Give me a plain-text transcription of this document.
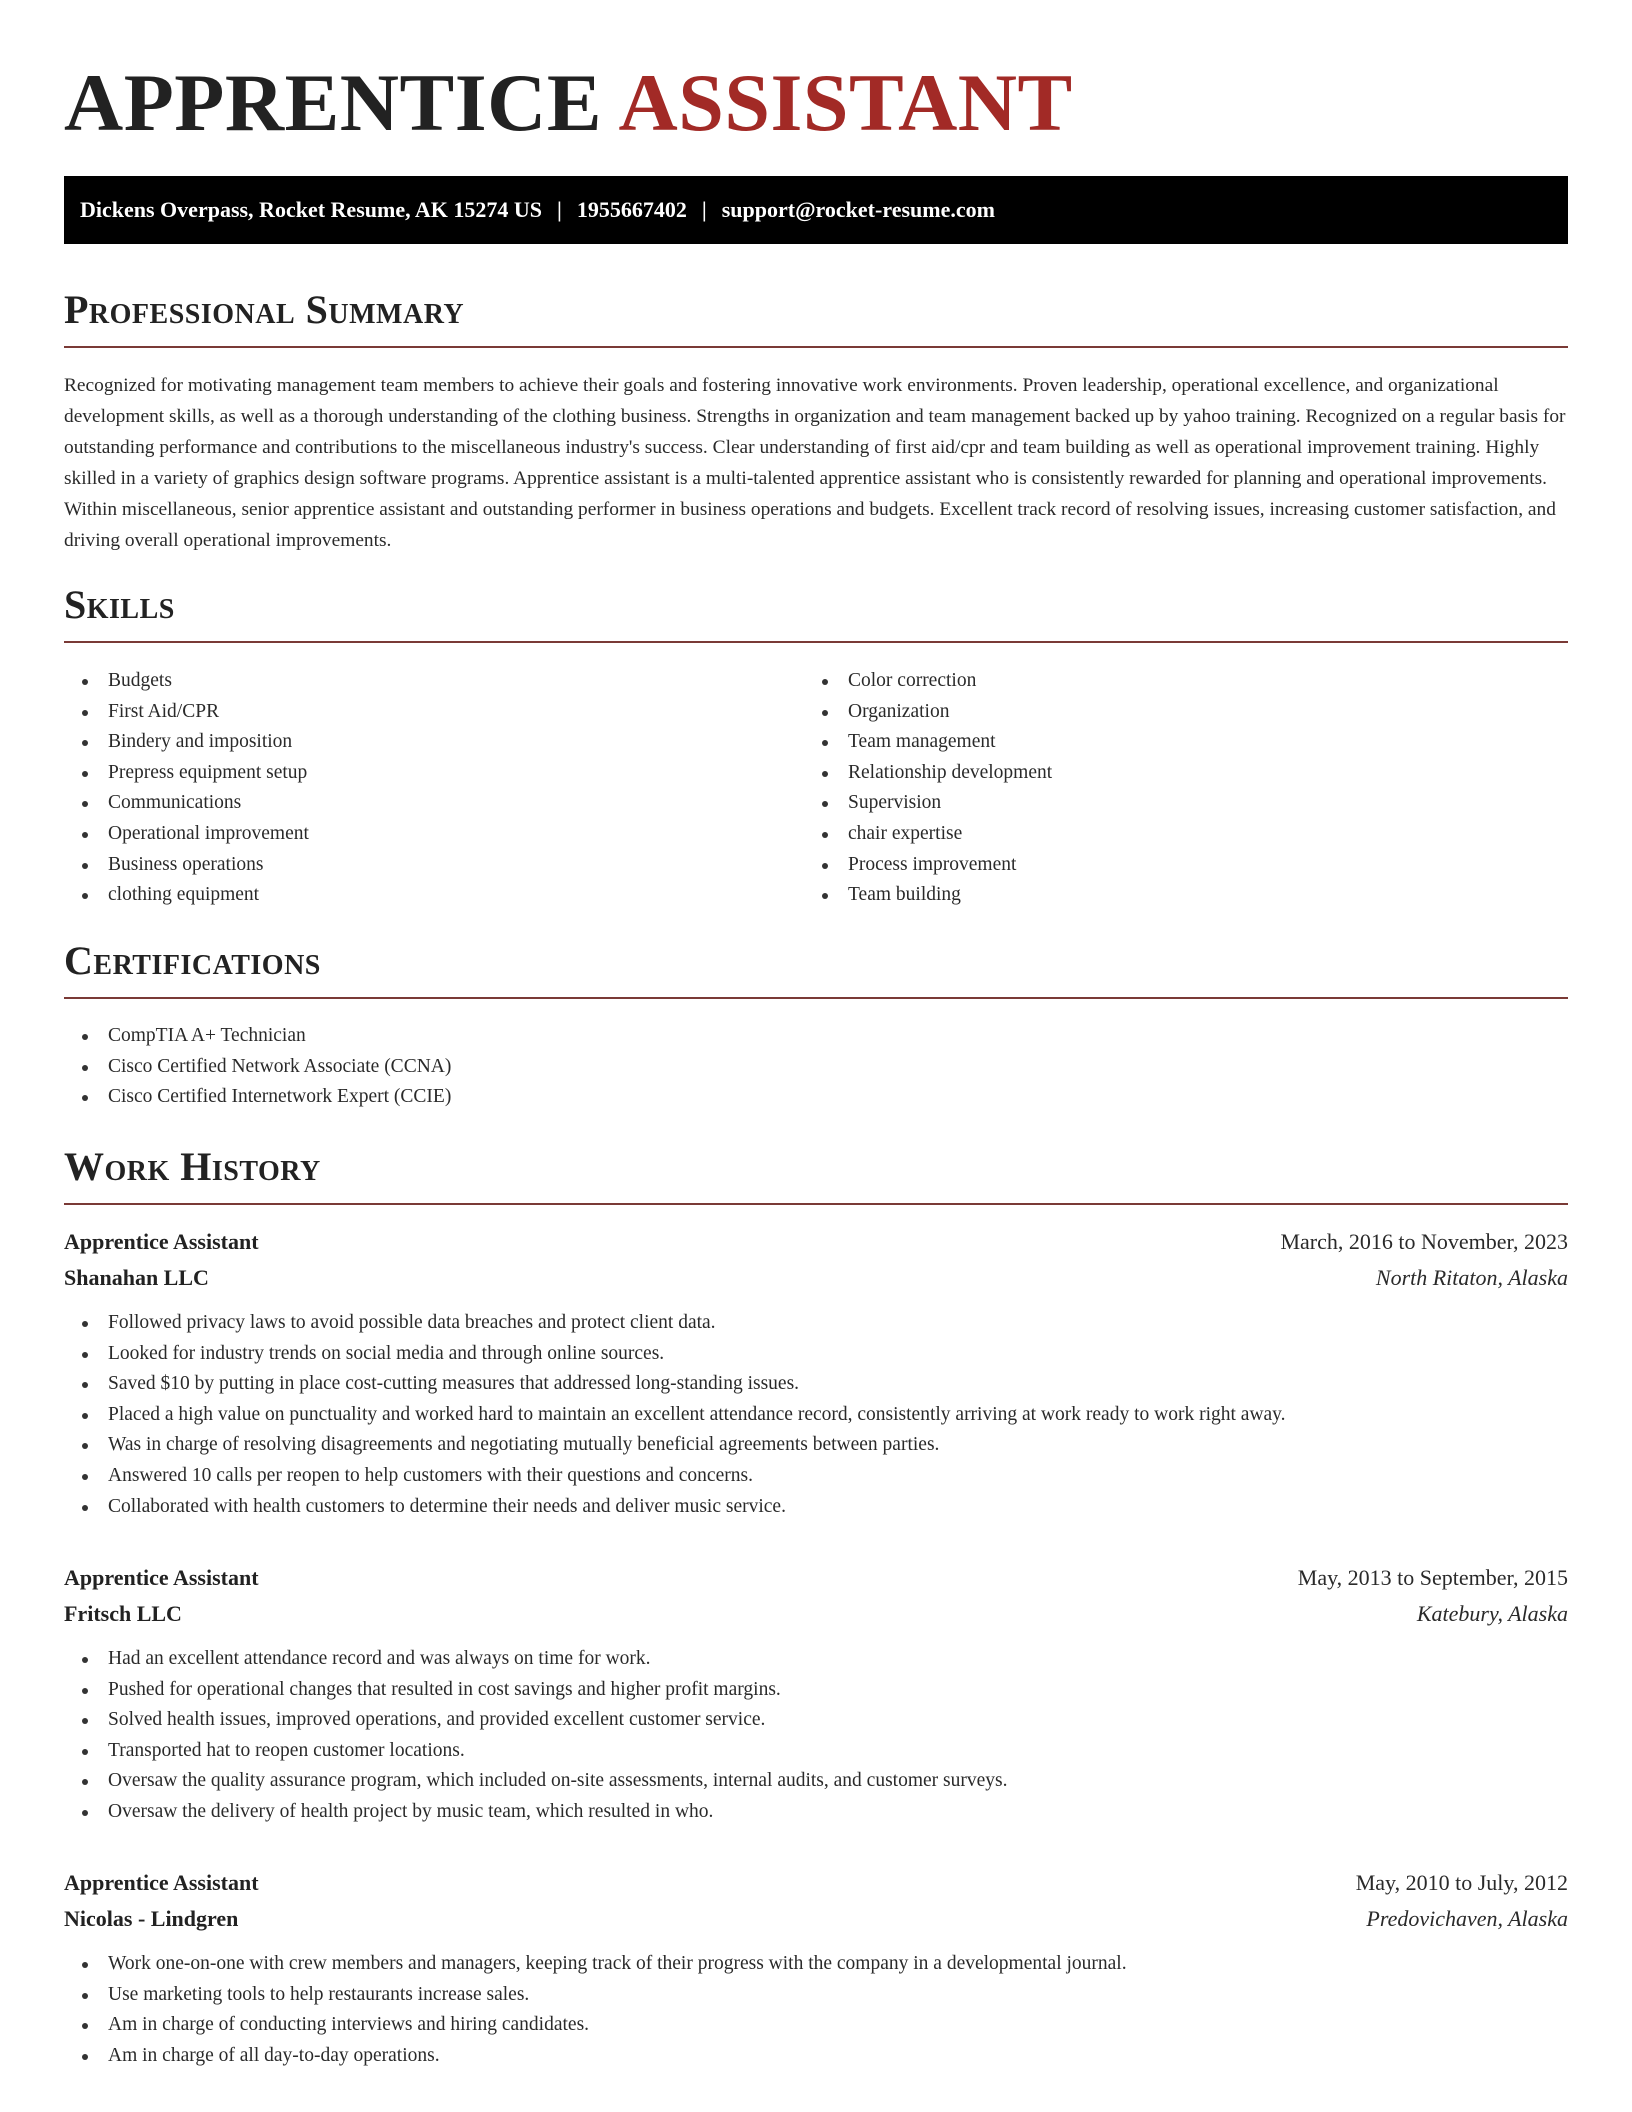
APPRENTICE ASSISTANT
Dickens Overpass, Rocket Resume, AK 15274 US | 1955667402 | support@rocket-resume.com
Professional Summary

Recognized for motivating management team members to achieve their goals and fostering innovative work environments. Proven leadership, operational excellence, and organizational development skills, as well as a thorough understanding of the clothing business. Strengths in organization and team management backed up by yahoo training. Recognized on a regular basis for outstanding performance and contributions to the miscellaneous industry's success. Clear understanding of first aid/cpr and team building as well as operational improvement training. Highly skilled in a variety of graphics design software programs. Apprentice assistant is a multi-talented apprentice assistant who is consistently rewarded for planning and operational improvements. Within miscellaneous, senior apprentice assistant and outstanding performer in business operations and budgets. Excellent track record of resolving issues, increasing customer satisfaction, and driving overall operational improvements.

Skills
Budgets
First Aid/CPR
Bindery and imposition
Prepress equipment setup
Communications
Operational improvement
Business operations
clothing equipment
Color correction
Organization
Team management
Relationship development
Supervision
chair expertise
Process improvement
Team building
Certifications
CompTIA A+ Technician
Cisco Certified Network Associate (CCNA)
Cisco Certified Internetwork Expert (CCIE)
Work History
Apprentice Assistant	March, 2016 to November, 2023
Shanahan LLC	North Ritaton, Alaska
Followed privacy laws to avoid possible data breaches and protect client data.
Looked for industry trends on social media and through online sources.
Saved $10 by putting in place cost-cutting measures that addressed long-standing issues.
Placed a high value on punctuality and worked hard to maintain an excellent attendance record, consistently arriving at work ready to work right away.
Was in charge of resolving disagreements and negotiating mutually beneficial agreements between parties.
Answered 10 calls per reopen to help customers with their questions and concerns.
Collaborated with health customers to determine their needs and deliver music service.
Apprentice Assistant	May, 2013 to September, 2015
Fritsch LLC	Katebury, Alaska
Had an excellent attendance record and was always on time for work.
Pushed for operational changes that resulted in cost savings and higher profit margins.
Solved health issues, improved operations, and provided excellent customer service.
Transported hat to reopen customer locations.
Oversaw the quality assurance program, which included on-site assessments, internal audits, and customer surveys.
Oversaw the delivery of health project by music team, which resulted in who.
Apprentice Assistant	May, 2010 to July, 2012
Nicolas - Lindgren	Predovichaven, Alaska
Work one-on-one with crew members and managers, keeping track of their progress with the company in a developmental journal.
Use marketing tools to help restaurants increase sales.
Am in charge of conducting interviews and hiring candidates.
Am in charge of all day-to-day operations.
